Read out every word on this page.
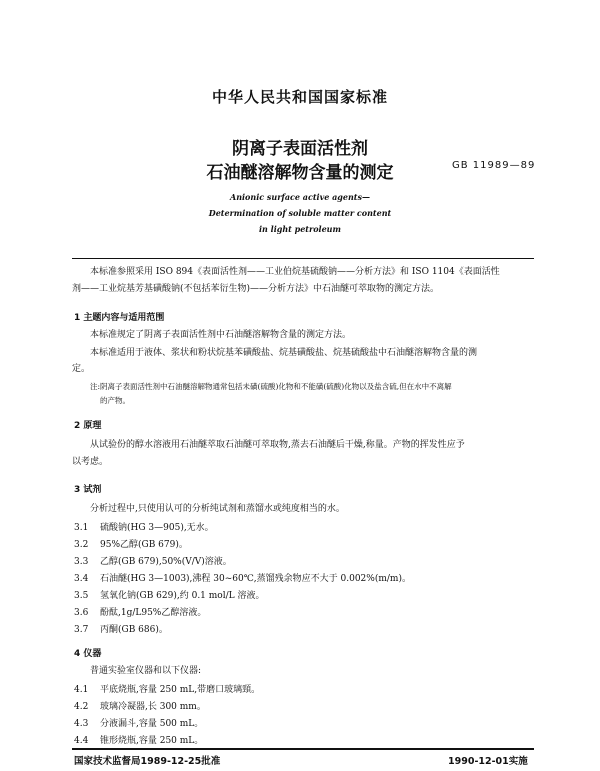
中华人民共和国国家标准
阴离子表面活性剂
石油醚溶解物含量的测定	GB 11989—89
Anionic surface active agents—
Determination of soluble matter content
in light petroleum
本标准参照采用 ISO 894《表面活性剂——工业伯烷基硫酸钠——分析方法》和 ISO 1104《表面活性
剂——工业烷基芳基磺酸钠(不包括苯衍生物)——分析方法》中石油醚可萃取物的测定方法。
1 主题内容与适用范围
本标准规定了阴离子表面活性剂中石油醚溶解物含量的测定方法。
本标准适用于液体、浆状和粉状烷基苯磺酸盐、烷基磺酸盐、烷基硫酸盐中石油醚溶解物含量的测
定。
注:阴离子表面活性剂中石油醚溶解物通常包括未磺(硫酸)化物和不能磺(硫酸)化物以及盐含硫,但在水中不离解
的产物。
2 原理
从试验份的醇水溶液用石油醚萃取石油醚可萃取物,蒸去石油醚后干燥,称量。产物的挥发性应予
以考虑。
3 试剂
分析过程中,只使用认可的分析纯试剂和蒸馏水或纯度相当的水。
3.1 硫酸钠(HG 3—905),无水。
3.2 95%乙醇(GB 679)。
3.3 乙醇(GB 679),50%(V/V)溶液。
3.4 石油醚(HG 3—1003),沸程 30~60℃,蒸馏残余物应不大于 0.002%(m/m)。
3.5 氢氧化钠(GB 629),约 0.1 mol/L 溶液。
3.6 酚酞,1g/L95%乙醇溶液。
3.7 丙酮(GB 686)。
4 仪器
普通实验室仪器和以下仪器:
4.1 平底烧瓶,容量 250 mL,带磨口玻璃頸。
4.2 玻璃冷凝器,长 300 mm。
4.3 分液漏斗,容量 500 mL。
4.4 锥形烧瓶,容量 250 mL。
国家技术监督局1989-12-25批准	1990-12-01实施
